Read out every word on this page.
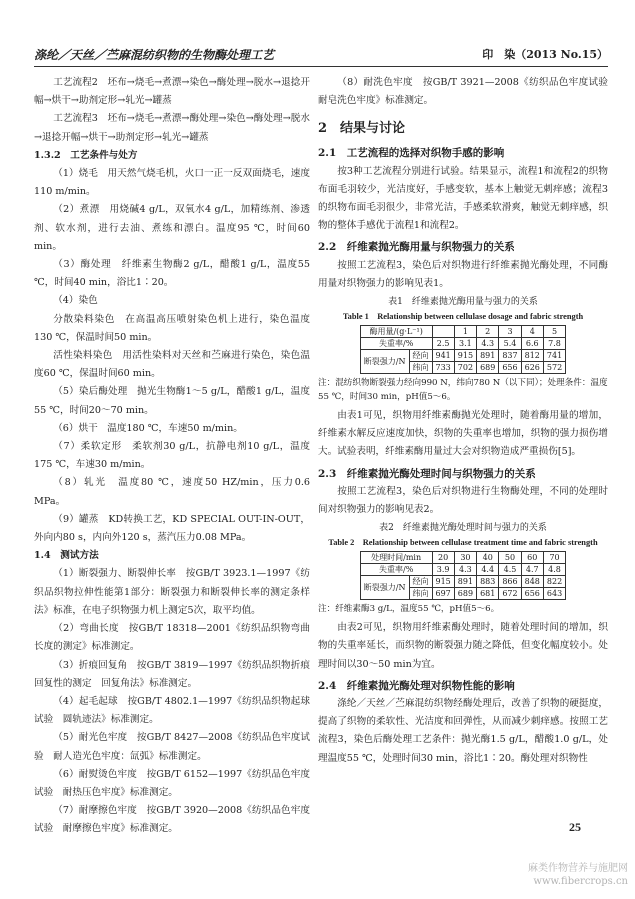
涤纶／天丝／苎麻混纺织物的生物酶处理工艺	印　染（2013 No.15）

工艺流程2　坯布→烧毛→煮漂→染色→酶处理→脱水→退捻开幅→烘干→助剂定形→轧光→罐蒸

工艺流程3　坯布→烧毛→煮漂→酶处理→染色→酶处理→脱水→退捻开幅→烘干→助剂定形→轧光→罐蒸

1.3.2　工艺条件与处方

（1）烧毛　用天然气烧毛机，火口一正一反双面烧毛，速度110 m/min。

（2）煮漂　用烧碱4 g/L，双氧水4 g/L，加精练剂、渗透剂、软水剂，进行去油、煮练和漂白。温度95 ℃，时间60 min。

（3）酶处理　纤维素生物酶2 g/L，醋酸1 g/L，温度55 ℃，时间40 min，浴比1∶20。

（4）染色

分散染料染色　在高温高压喷射染色机上进行，染色温度130 ℃，保温时间50 min。

活性染料染色　用活性染料对天丝和苎麻进行染色，染色温度60 ℃，保温时间60 min。

（5）染后酶处理　抛光生物酶1～5 g/L，醋酸1 g/L，温度55 ℃，时间20～70 min。

（6）烘干　温度180 ℃，车速50 m/min。

（7）柔软定形　柔软剂30 g/L，抗静电剂10 g/L，温度175 ℃，车速30 m/min。

（8）轧光　温度80 ℃，速度50 HZ/min，压力0.6 MPa。

（9）罐蒸　KD转换工艺，KD SPECIAL OUT-IN-OUT，外向内80 s，内向外120 s，蒸汽压力0.08 MPa。

1.4　测试方法

（1）断裂强力、断裂伸长率　按GB/T 3923.1—1997《纺织品织物拉伸性能第1部分：断裂强力和断裂伸长率的测定条样法》标准，在电子织物强力机上测定5次，取平均值。

（2）弯曲长度　按GB/T 18318—2001《纺织品织物弯曲长度的测定》标准测定。

（3）折痕回复角　按GB/T 3819—1997《纺织品织物折痕回复性的测定　回复角法》标准测定。

（4）起毛起球　按GB/T 4802.1—1997《纺织品织物起球试验　圆轨迹法》标准测定。

（5）耐光色牢度　按GB/T 8427—2008《纺织品色牢度试验　耐人造光色牢度：氙弧》标准测定。

（6）耐熨烫色牢度　按GB/T 6152—1997《纺织品色牢度试验　耐热压色牢度》标准测定。

（7）耐摩擦色牢度　按GB/T 3920—2008《纺织品色牢度试验　耐摩擦色牢度》标准测定。

（8）耐洗色牢度　按GB/T 3921—2008《纺织品色牢度试验　耐皂洗色牢度》标准测定。

2　结果与讨论

2.1　工艺流程的选择对织物手感的影响

按3种工艺流程分别进行试验。结果显示，流程1和流程2的织物布面毛羽较少，光洁度好，手感变软，基本上触觉无刺痒感；流程3的织物布面毛羽很少，非常光洁，手感柔软滑爽，触觉无刺痒感，织物的整体手感优于流程1和流程2。

2.2　纤维素抛光酶用量与织物强力的关系

按照工艺流程3，染色后对织物进行纤维素抛光酶处理，不同酶用量对织物强力的影响见表1。

表1　纤维素抛光酶用量与强力的关系

Table 1　Relationship between cellulase dosage and fabric strength

酶用量/(g·L⁻¹)			1	2	3	4	5
失重率/%		2.5	3.1	4.3	5.4	6.6	7.8
断裂强力/N	经向	941	915	891	837	812	741
	纬向	733	702	689	656	626	572

注：混纺织物断裂强力经向990 N，纬向780 N（以下同）；处理条件：温度55 ℃，时间30 min，pH值5～6。

由表1可见，织物用纤维素酶抛光处理时，随着酶用量的增加，纤维素水解反应速度加快，织物的失重率也增加，织物的强力损伤增大。试验表明，纤维素酶用量过大会对织物造成严重损伤[5]。

2.3　纤维素抛光酶处理时间与织物强力的关系

按照工艺流程3，染色后对织物进行生物酶处理，不同的处理时间对织物强力的影响见表2。

表2　纤维素抛光酶处理时间与强力的关系

Table 2　Relationship between cellulase treatment time and fabric strength

处理时间/min		20	30	40	50	60	70
失重率/%		3.9	4.3	4.4	4.5	4.7	4.8
断裂强力/N	经向	915	891	883	866	848	822
	纬向	697	689	681	672	656	643

注：纤维素酶3 g/L，温度55 ℃，pH值5～6。

由表2可见，织物用纤维素酶处理时，随着处理时间的增加，织物的失重率延长，而织物的断裂强力随之降低，但变化幅度较小。处理时间以30～50 min为宜。

2.4　纤维素抛光酶处理对织物性能的影响

涤纶／天丝／苎麻混纺织物经酶处理后，改善了织物的硬挺度，提高了织物的柔软性、光洁度和回弹性，从而减少刺痒感。按照工艺流程3，染色后酶处理工艺条件：抛光酶1.5 g/L，醋酸1.0 g/L，处理温度55 ℃，处理时间30 min，浴比1∶20。酶处理对织物性

25
麻类作物营养与施肥网
www.fibercrops.cn
